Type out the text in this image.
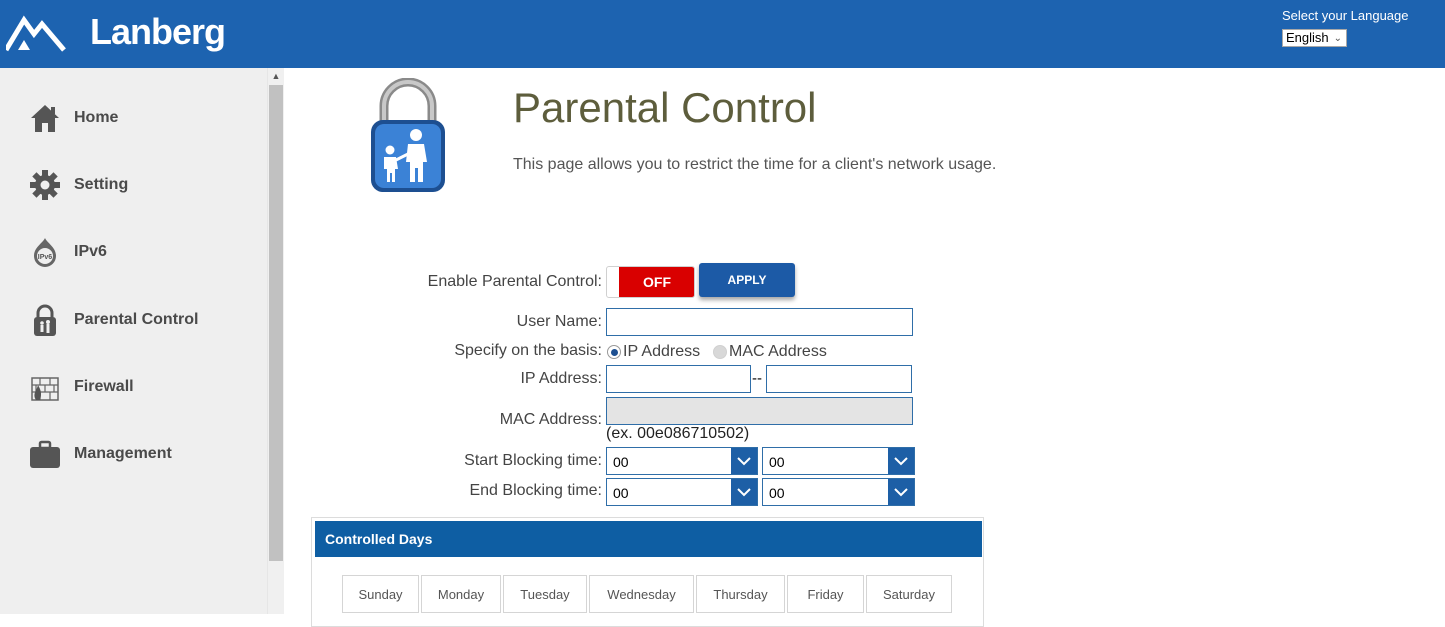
Lanberg	Select your Language
English ⌄
Home
Setting
IPv6 IPv6
Parental Control
Firewall
Management
▲
Parental Control
This page allows you to restrict the time for a client's network usage.
Enable Parental Control:	OFF	APPLY
User Name:
Specify on the basis: IP Address MAC Address
IP Address:	--
MAC Address:
(ex. 00e086710502)
Start Blocking time: 00	00
End Blocking time: 00	00
Controlled Days
Sunday	Monday	Tuesday	Wednesday	Thursday	Friday	Saturday
